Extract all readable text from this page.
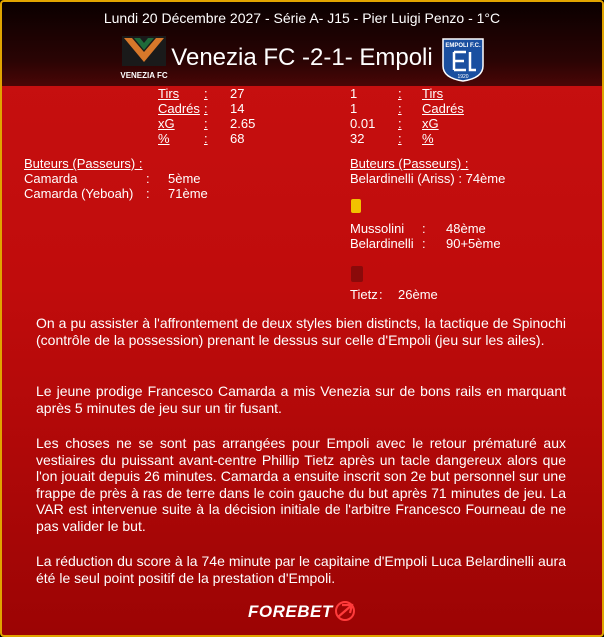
Lundi 20 Décembre 2027 - Série A- J15 - Pier Luigi Penzo - 1°C
VENEZIA FC
Venezia FC -2-1- Empoli	EMPOLI F.C.
1920
Tirs	: 27
Cadrés : 14
xG : 2.65
%	: 68
1	: Tirs
1	: Cadrés
0.01 : xG
32	: %
Buteurs (Passeurs) :
Camarda	: 5ème
Camarda (Yeboah) : 71ème
Buteurs (Passeurs) :
Belardinelli (Ariss) : 74ème
Mussolini : 48ème
Belardinelli : 90+5ème
Tietz : 26ème

On a pu assister à l'affrontement de deux styles bien distincts, la tactique de Spinochi (contrôle de la possession) prenant le dessus sur celle d'Empoli (jeu sur les ailes).

Le jeune prodige Francesco Camarda a mis Venezia sur de bons rails en marquant après 5 minutes de jeu sur un tir fusant.

Les choses ne se sont pas arrangées pour Empoli avec le retour prématuré aux vestiaires du puissant avant-centre Phillip Tietz après un tacle dangereux alors que l'on jouait depuis 26 minutes. Camarda a ensuite inscrit son 2e but personnel sur une frappe de près à ras de terre dans le coin gauche du but après 71 minutes de jeu. La VAR est intervenue suite à la décision initiale de l'arbitre Francesco Fourneau de ne pas valider le but.

La réduction du score à la 74e minute par le capitaine d'Empoli Luca Belardinelli aura été le seul point positif de la prestation d'Empoli.

FOREBET
